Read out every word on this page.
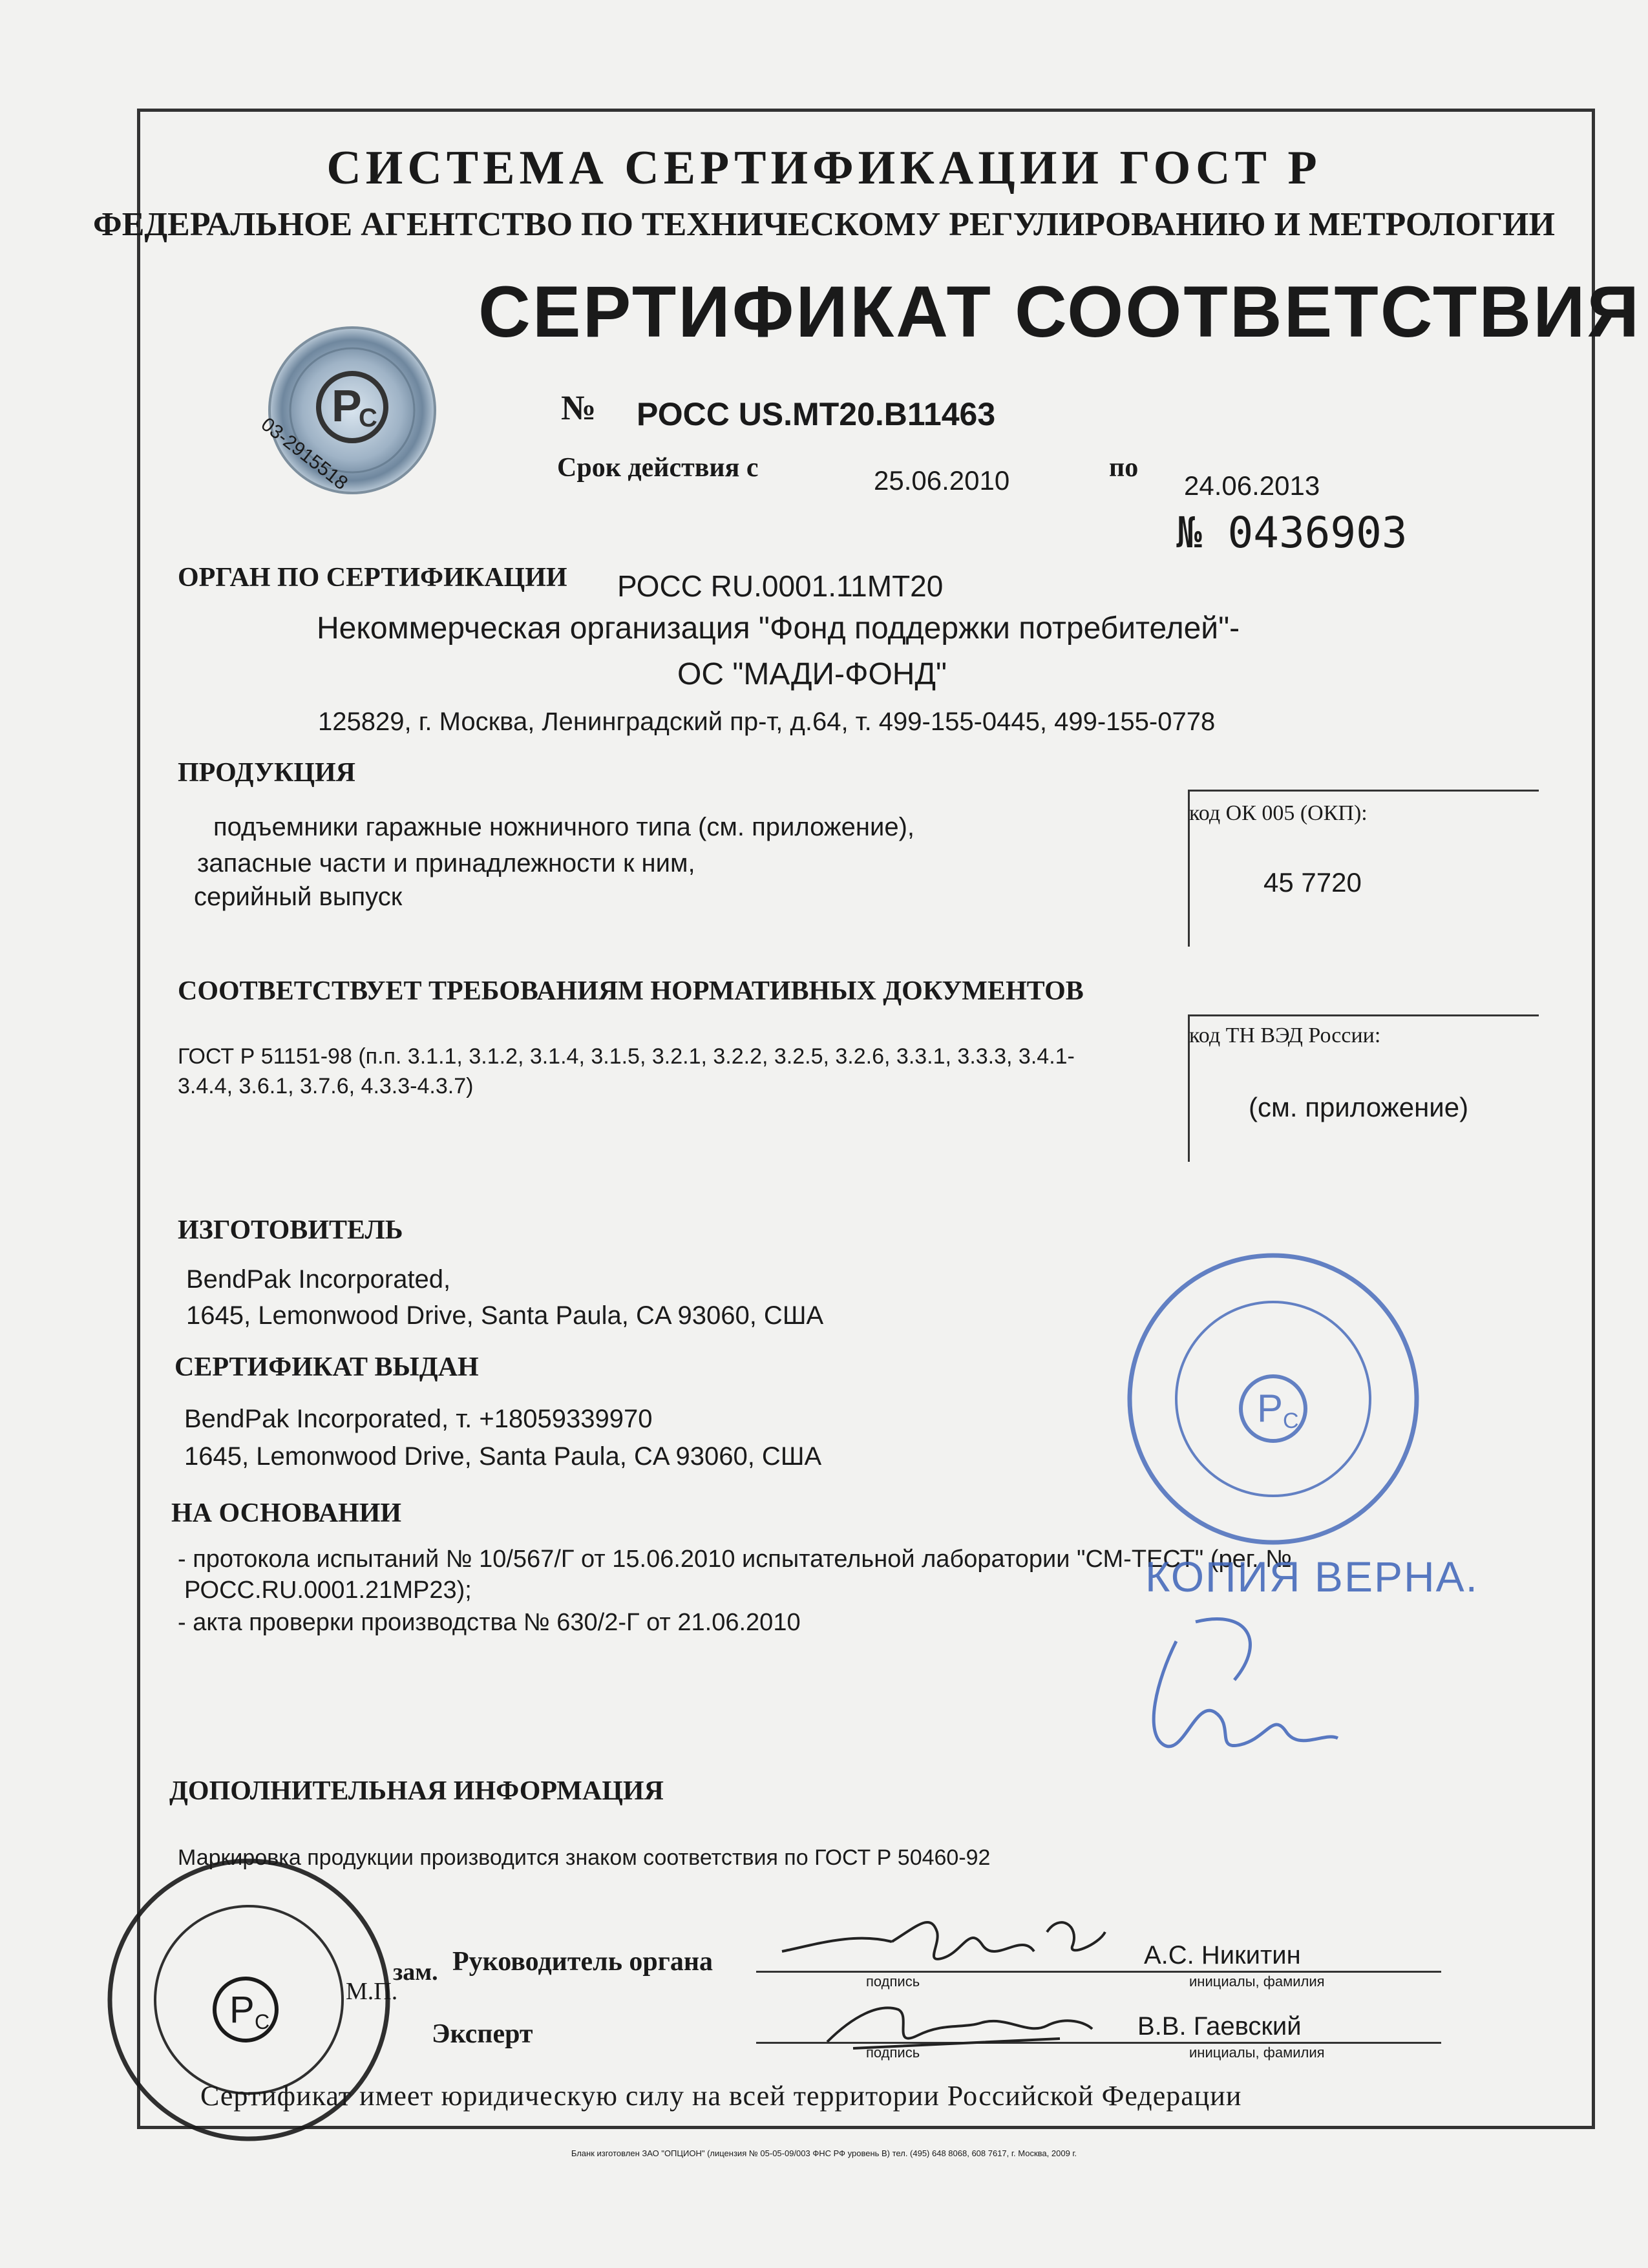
СИСТЕМА СЕРТИФИКАЦИИ ГОСТ Р
ФЕДЕРАЛЬНОЕ АГЕНТСТВО ПО ТЕХНИЧЕСКОМУ РЕГУЛИРОВАНИЮ И МЕТРОЛОГИИ
СЕРТИФИКАТ СООТВЕТСТВИЯ
P
C
03-2915518
№ РОСС US.МТ20.В11463
Срок действия с	25.06.2010	по
24.06.2013
№ 0436903
ОРГАН ПО СЕРТИФИКАЦИИ РОСС RU.0001.11МТ20
Некоммерческая организация "Фонд поддержки потребителей"-
ОС "МАДИ-ФОНД"
125829, г. Москва, Ленинградский пр-т, д.64, т. 499-155-0445, 499-155-0778
ПРОДУКЦИЯ
подъемники гаражные ножничного типа (см. приложение),
запасные части и принадлежности к ним,
серийный выпуск
код ОК 005 (ОКП):
45 7720
СООТВЕТСТВУЕТ ТРЕБОВАНИЯМ НОРМАТИВНЫХ ДОКУМЕНТОВ
ГОСТ Р 51151-98 (п.п. 3.1.1, 3.1.2, 3.1.4, 3.1.5, 3.2.1, 3.2.2, 3.2.5, 3.2.6, 3.3.1, 3.3.3, 3.4.1-
3.4.4, 3.6.1, 3.7.6, 4.3.3-4.3.7)
код ТН ВЭД России:
(см. приложение)
ИЗГОТОВИТЕЛЬ
BendPak Incorporated,
1645, Lemonwood Drive, Santa Paula, CA 93060, США
СЕРТИФИКАТ ВЫДАН
BendPak Incorporated, т. +18059339970
1645, Lemonwood Drive, Santa Paula, CA 93060, США
НА ОСНОВАНИИ
- протокола испытаний № 10/567/Г от 15.06.2010 испытательной лаборатории "СМ-ТЕСТ" (рег. №
РОСС.RU.0001.21МР23);
- акта проверки производства № 630/2-Г от 21.06.2010
ДОПОЛНИТЕЛЬНАЯ ИНФОРМАЦИЯ
Маркировка продукции производится знаком соответствия по ГОСТ Р 50460-92
зам.
М.П.
Руководитель органа
подпись
А.С. Никитин
инициалы, фамилия
Эксперт
подпись
В.В. Гаевский
инициалы, фамилия
P C
КОПИЯ ВЕРНА.
P C
Сертификат имеет юридическую силу на всей территории Российской Федерации
Бланк изготовлен ЗАО "ОПЦИОН" (лицензия № 05-05-09/003 ФНС РФ уровень В) тел. (495) 648 8068, 608 7617, г. Москва, 2009 г.
